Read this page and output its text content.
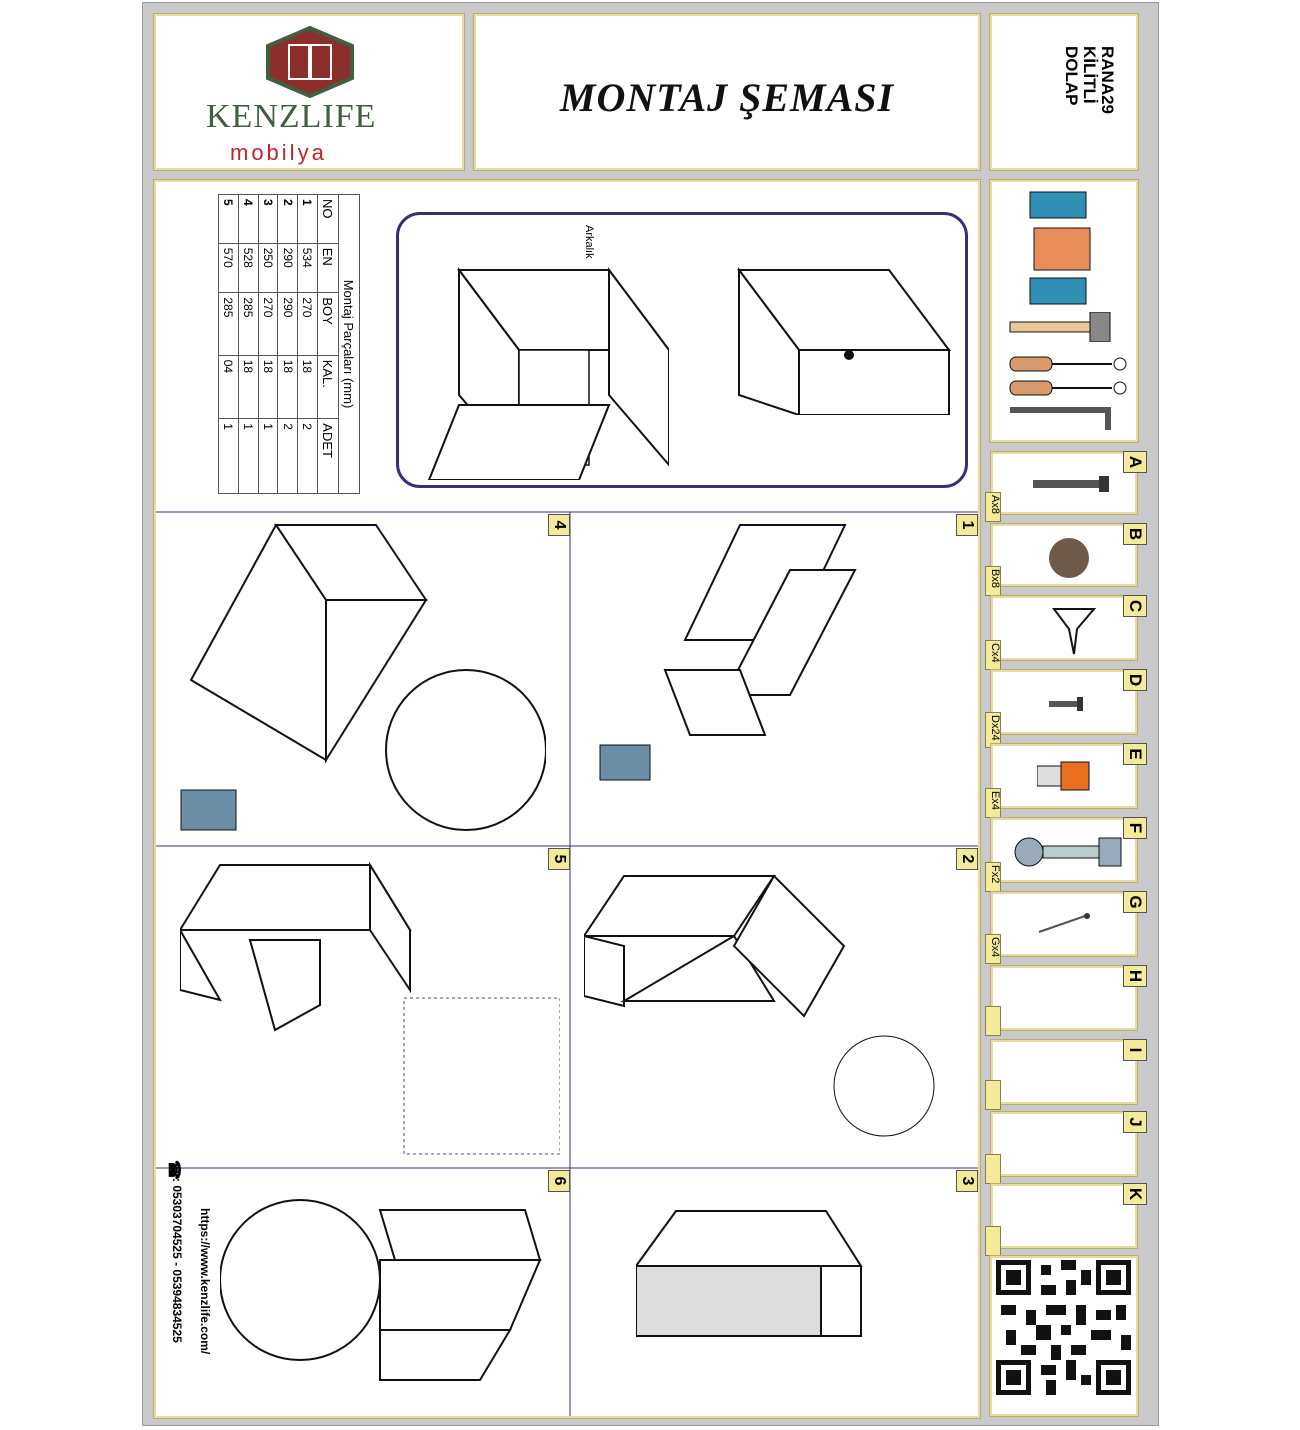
KENZLIFE
mobilya
MONTAJ ŞEMASI	RANA29
KİLİTLİ
DOLAP
Montaj Parçaları (mm)				
NO	EN	BOY	KAL.	ADET
1	534	270	18	2
2	290	290	18	2
3	250	270	18	1
4	528	285	18	1
5	570	285	04	1
Arkalık
1
2
3
4
5
6
https://www.kenzlife.com/
☎
: 05303704525 - 05394834525
A
Ax8
B
Bx8
C
Cx4
D
Dx24
E
Ex4
F
Fx2
G
Gx4
H
I
J
K
